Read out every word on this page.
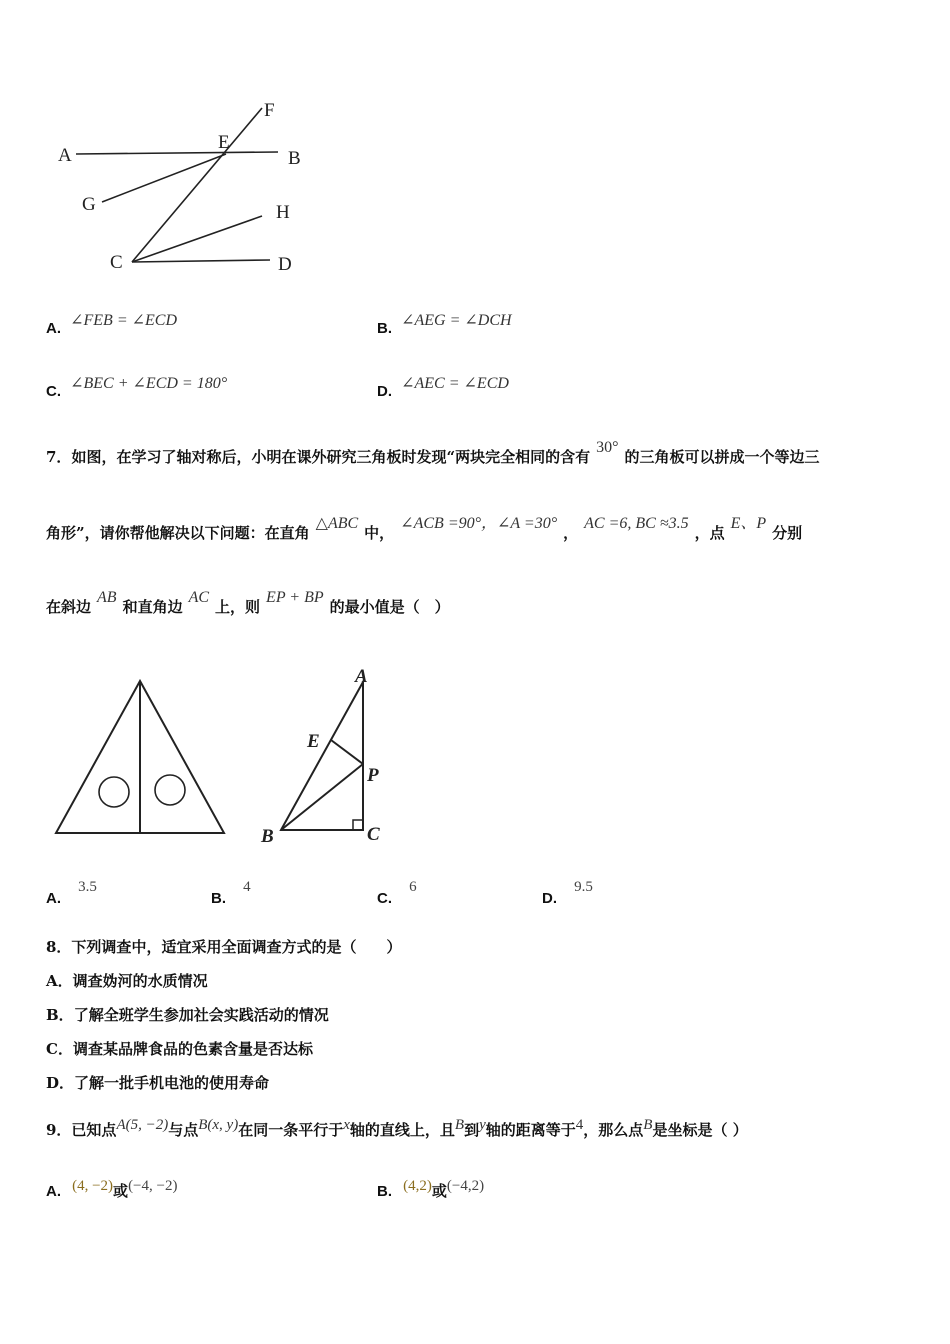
A	B
C	D
E
F
G	H
A. ∠FEB = ∠ECD	B. ∠AEG = ∠DCH
C. ∠BEC + ∠ECD = 180°	D. ∠AEC = ∠ECD
7．如图，在学习了轴对称后，小明在课外研究三角板时发现“两块完全相同的含有30°的三角板可以拼成一个等边三
角形”，请你帮他解决以下问题：在直角△ABC中，∠ACB =90°，∠A =30°，AC =6, BC ≈3.5，点E、P分别
在斜边AB和直角边AC上，则EP + BP的最小值是（　）
A
E
P
B	C
A. 3.5
B. 4
C. 6
D. 9.5
8．下列调查中，适宜采用全面调查方式的是（　　）
A．调查妫河的水质情况
B．了解全班学生参加社会实践活动的情况
C．调查某品牌食品的色素含量是否达标
D．了解一批手机电池的使用寿命
9．已知点A(5, −2)与点B(x, y)在同一条平行于x轴的直线上，且B到y轴的距离等于4，那么点B是坐标是（ ）
A. (4, −2)或(−4, −2)	B. (4,2)或(−4,2)
